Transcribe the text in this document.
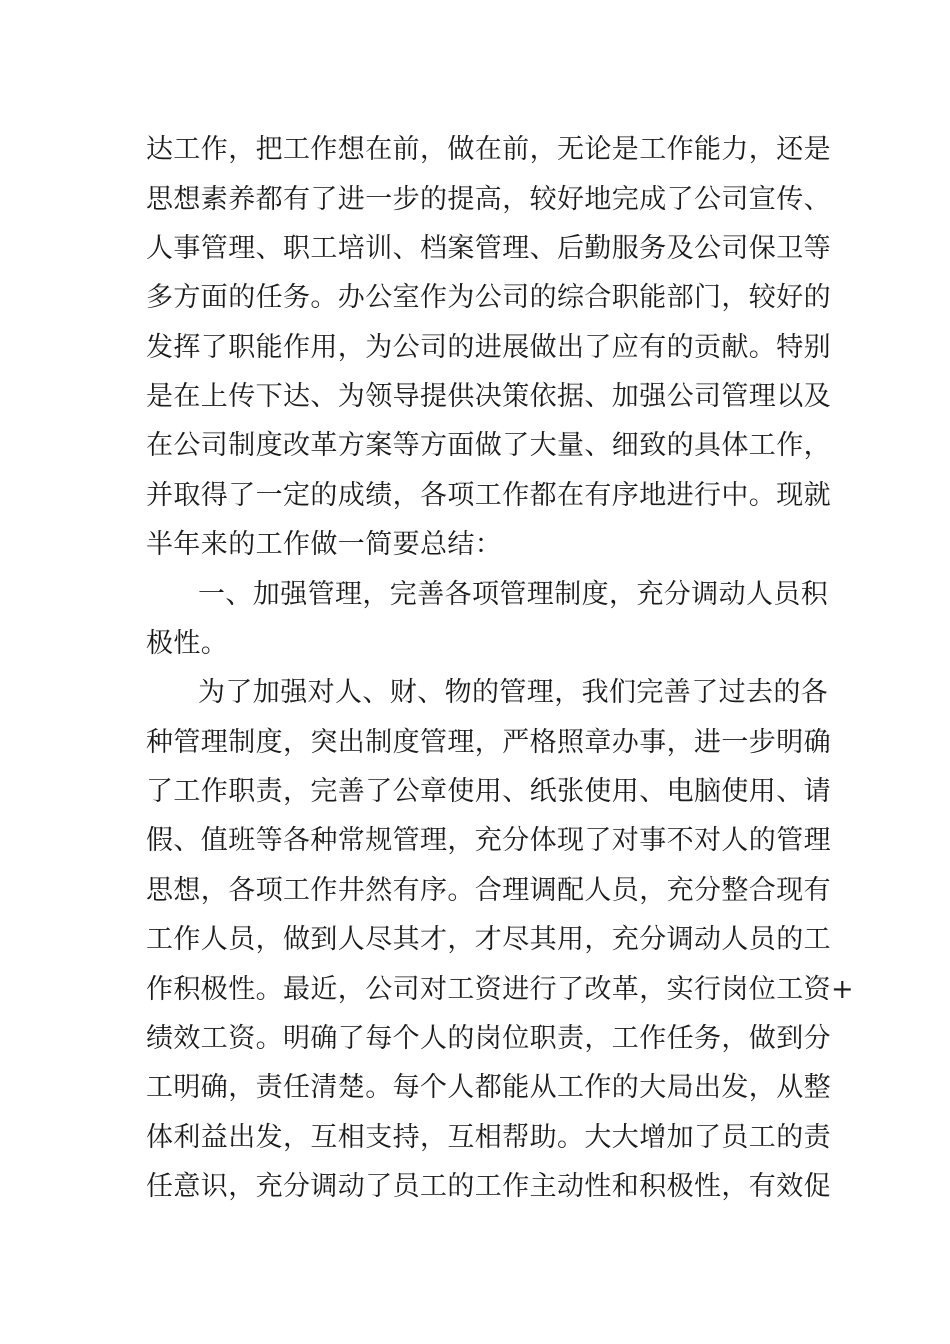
达工作，把工作想在前，做在前，无论是工作能力，还是
思想素养都有了进一步的提高，较好地完成了公司宣传、
人事管理、职工培训、档案管理、后勤服务及公司保卫等
多方面的任务。办公室作为公司的综合职能部门，较好的
发挥了职能作用，为公司的进展做出了应有的贡献。特别
是在上传下达、为领导提供决策依据、加强公司管理以及
在公司制度改革方案等方面做了大量、细致的具体工作，
并取得了一定的成绩，各项工作都在有序地进行中。现就
半年来的工作做一简要总结：
一、加强管理，完善各项管理制度，充分调动人员积
极性。
为了加强对人、财、物的管理，我们完善了过去的各
种管理制度，突出制度管理，严格照章办事，进一步明确
了工作职责，完善了公章使用、纸张使用、电脑使用、请
假、值班等各种常规管理，充分体现了对事不对人的管理
思想，各项工作井然有序。合理调配人员，充分整合现有
工作人员，做到人尽其才，才尽其用，充分调动人员的工
作积极性。最近，公司对工资进行了改革，实行岗位工资+
绩效工资。明确了每个人的岗位职责，工作任务，做到分
工明确，责任清楚。每个人都能从工作的大局出发，从整
体利益出发，互相支持，互相帮助。大大增加了员工的责
任意识，充分调动了员工的工作主动性和积极性，有效促
